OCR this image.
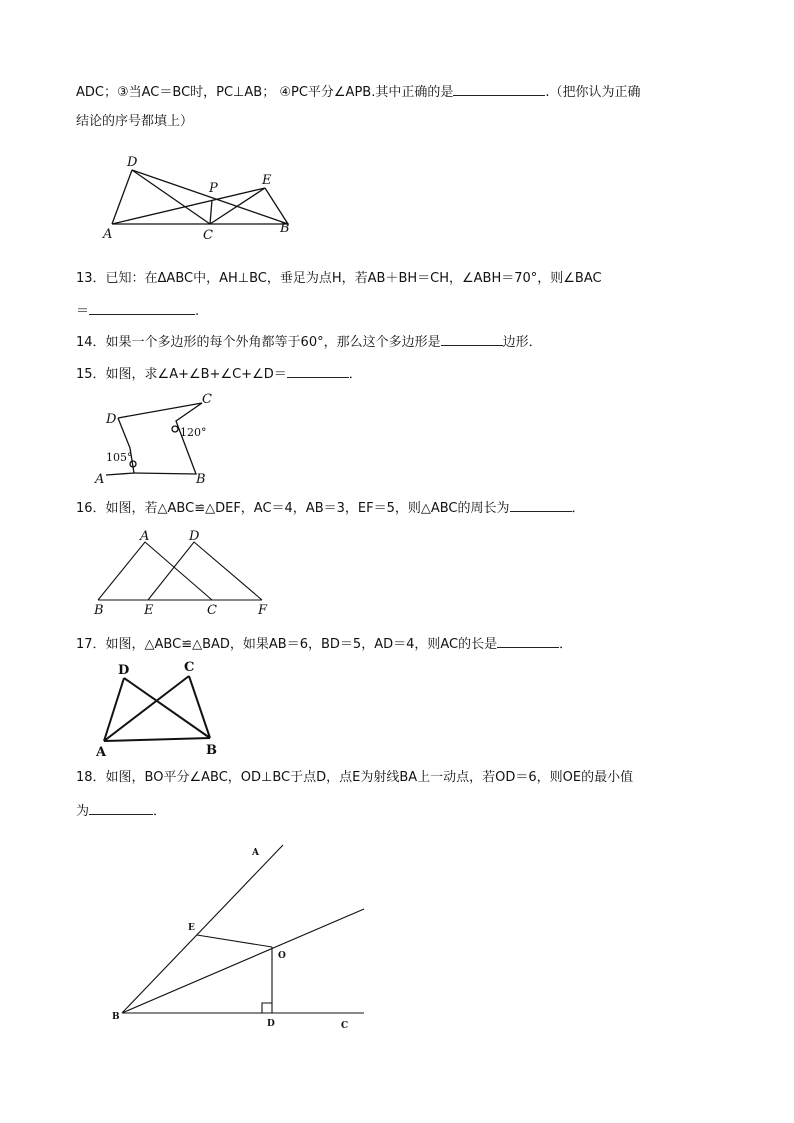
ADC；③当AC＝BC时，PC⊥AB； ④PC平分∠APB.其中正确的是	.（把你认为正确
结论的序号都填上）
D
P
E
A	C	B
13．已知：在ΔABC中，AH⊥BC，垂足为点H，若AB＋BH＝CH，∠ABH＝70°，则∠BAC
＝	.
14．如果一个多边形的每个外角都等于60°，那么这个多边形是	边形．
15．如图，求∠A+∠B+∠C+∠D＝	．
D
C
120°
105°
A	B
16．如图，若△ABC≌△DEF，AC＝4，AB＝3，EF＝5，则△ABC的周长为	．
A	D
B	E	C	F
17．如图，△ABC≌△BAD，如果AB＝6，BD＝5，AD＝4，则AC的长是	．
D	C
A	B
18．如图，BO平分∠ABC，OD⊥BC于点D，点E为射线BA上一动点，若OD＝6，则OE的最小值
为	．
A
E
O
B
D	C
